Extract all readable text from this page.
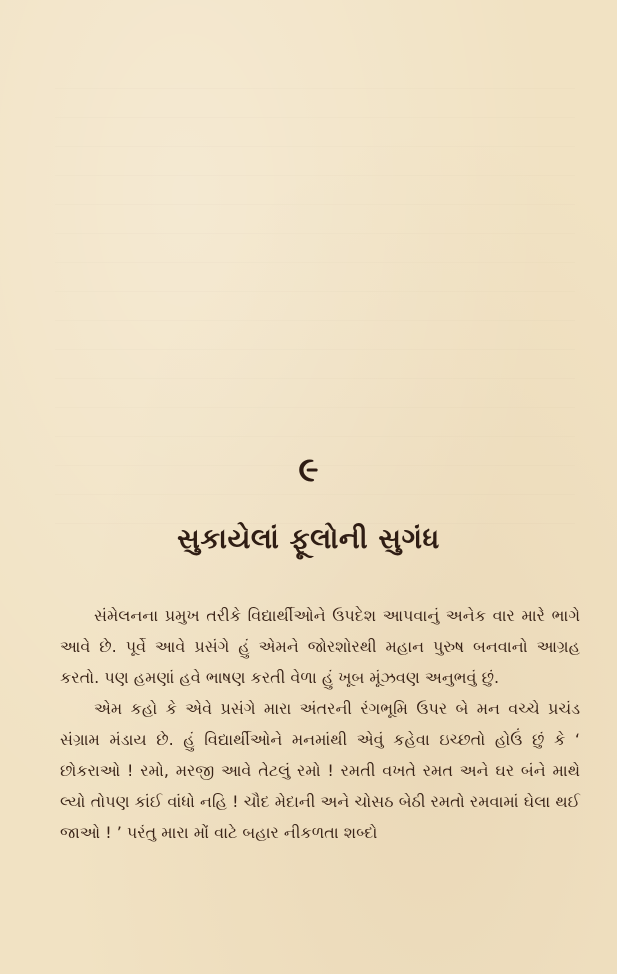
૯
સુકાયેલાં ફૂલોની સુગંધ

સંમેલનના પ્રમુખ તરીકે વિદ્યાર્થીઓને ઉપદેશ આપવાનું અનેક વાર મારે ભાગે આવે છે. પૂર્વે આવે પ્રસંગે હું એમને જોરશોરથી મહાન પુરુષ બનવાનો આગ્રહ કરતો. પણ હમણાં હવે ભાષણ કરતી વેળા હું ખૂબ મૂંઝવણ અનુભવું છું.

એમ કહો કે એવે પ્રસંગે મારા અંતરની રંગભૂમિ ઉપર બે મન વચ્ચે પ્રચંડ સંગ્રામ મંડાય છે. હું વિદ્યાર્થીઓને મનમાંથી એવું કહેવા ઇચ્છતો હોઉં છું કે ‘ છોકરાઓ ! રમો, મરજી આવે તેટલું રમો ! રમતી વખતે રમત અને ઘર બંને માથે લ્યો તોપણ કાંઈ વાંધો નહિ ! ચૌદ મેદાની અને ચોસઠ બેઠી રમતો રમવામાં ઘેલા થઈ જાઓ ! ’ પરંતુ મારા મોં વાટે બહાર નીકળતા શબ્દો
